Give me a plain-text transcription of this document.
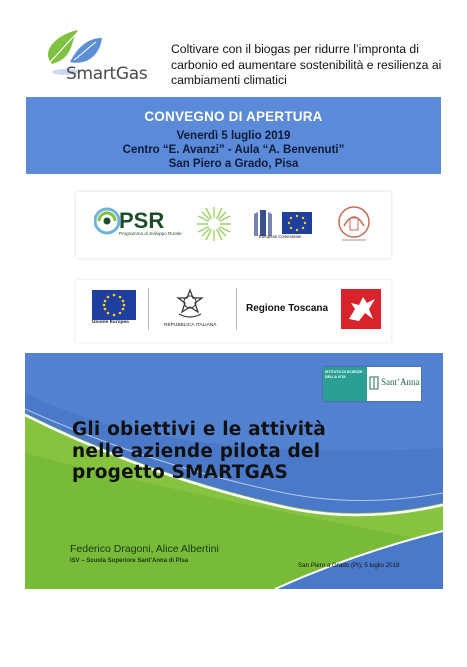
SmartGas
Coltivare con il biogas per ridurre l’impronta di carbonio ed aumentare sostenibilità e resilienza ai cambiamenti climatici
CONVEGNO DI APERTURA
Venerdì 5 luglio 2019
Centro “E. Avanzi” - Aula “A. Benvenuti”
San Piero a Grado, Pisa
PSR
Programma di Sviluppo Rurale
European Commission
Unione Europea
REPUBBLICA ITALIANA
Regione Toscana
ISTITUTO DI SCIENZE DELLA VITA
Sant’Anna
Gli obiettivi e le attività nelle aziende pilota del progetto SMARTGAS
Federico Dragoni, Alice Albertini
ISV – Scuola Superiore Sant’Anna di Pisa
San Piero a Grado (PI), 5 luglio 2019
